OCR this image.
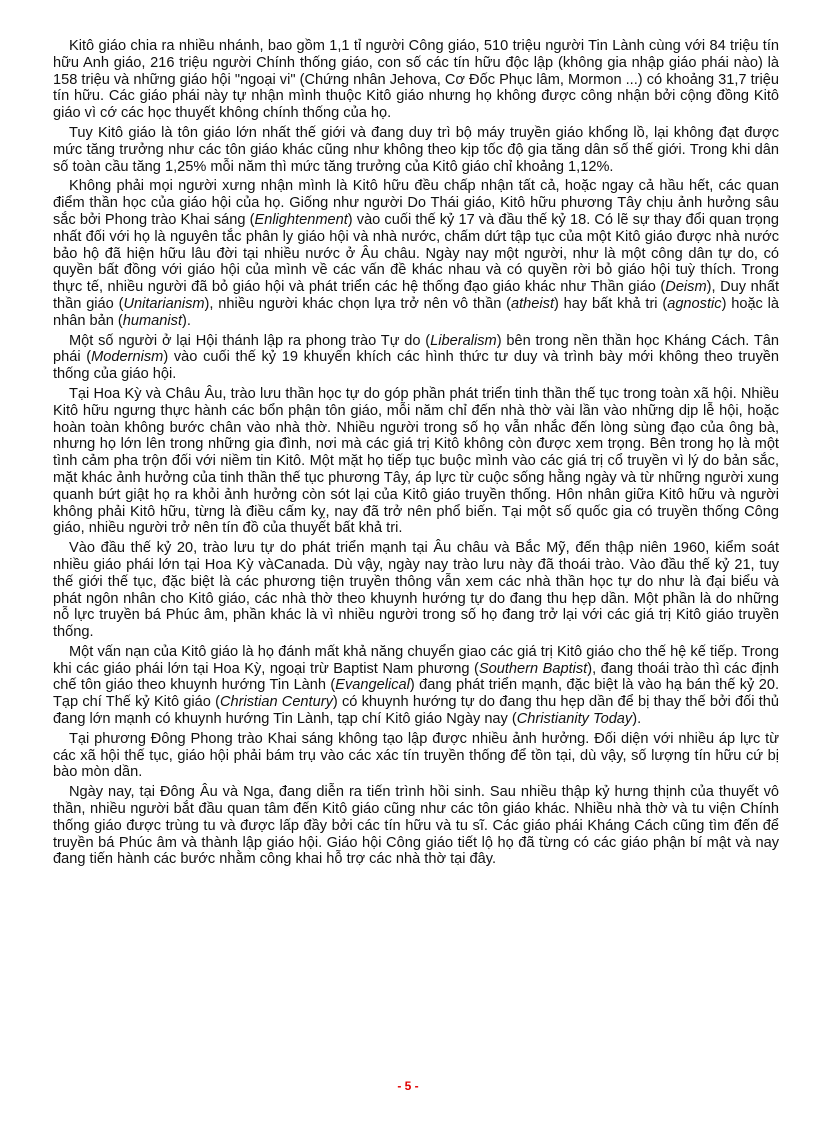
Kitô giáo chia ra nhiều nhánh, bao gồm 1,1 tỉ người Công giáo, 510 triệu người Tin Lành cùng với 84 triệu tín hữu Anh giáo, 216 triệu người Chính thống giáo, con số các tín hữu độc lập (không gia nhập giáo phái nào) là 158 triệu và những giáo hội "ngoại vi" (Chứng nhân Jehova, Cơ Đốc Phục lâm, Mormon ...) có khoảng 31,7 triệu tín hữu. Các giáo phái này tự nhận mình thuộc Kitô giáo nhưng họ không được công nhận bởi cộng đồng Kitô giáo vì cớ các học thuyết không chính thống của họ.

Tuy Kitô giáo là tôn giáo lớn nhất thế giới và đang duy trì bộ máy truyền giáo khổng lồ, lại không đạt được mức tăng trưởng như các tôn giáo khác cũng như không theo kịp tốc độ gia tăng dân số thế giới. Trong khi dân số toàn cầu tăng 1,25% mỗi năm thì mức tăng trưởng của Kitô giáo chỉ khoảng 1,12%.

Không phải mọi người xưng nhận mình là Kitô hữu đều chấp nhận tất cả, hoặc ngay cả hầu hết, các quan điểm thần học của giáo hội của họ. Giống như người Do Thái giáo, Kitô hữu phương Tây chịu ảnh hưởng sâu sắc bởi Phong trào Khai sáng (Enlightenment) vào cuối thế kỷ 17 và đầu thế kỷ 18. Có lẽ sự thay đổi quan trọng nhất đối với họ là nguyên tắc phân ly giáo hội và nhà nước, chấm dứt tập tục của một Kitô giáo được nhà nước bảo hộ đã hiện hữu lâu đời tại nhiều nước ở Âu châu. Ngày nay một người, như là một công dân tự do, có quyền bất đồng với giáo hội của mình về các vấn đề khác nhau và có quyền rời bỏ giáo hội tuỳ thích. Trong thực tế, nhiều người đã bỏ giáo hội và phát triển các hệ thống đạo giáo khác như Thần giáo (Deism), Duy nhất thần giáo (Unitarianism), nhiều người khác chọn lựa trở nên vô thần (atheist) hay bất khả tri (agnostic) hoặc là nhân bản (humanist).

Một số người ở lại Hội thánh lập ra phong trào Tự do (Liberalism) bên trong nền thần học Kháng Cách. Tân phái (Modernism) vào cuối thế kỷ 19 khuyến khích các hình thức tư duy và trình bày mới không theo truyền thống của giáo hội.

Tại Hoa Kỳ và Châu Âu, trào lưu thần học tự do góp phần phát triển tinh thần thế tục trong toàn xã hội. Nhiều Kitô hữu ngưng thực hành các bổn phận tôn giáo, mỗi năm chỉ đến nhà thờ vài lần vào những dịp lễ hội, hoặc hoàn toàn không bước chân vào nhà thờ. Nhiều người trong số họ vẫn nhắc đến lòng sùng đạo của ông bà, nhưng họ lớn lên trong những gia đình, nơi mà các giá trị Kitô không còn được xem trọng. Bên trong họ là một tình cảm pha trộn đối với niềm tin Kitô. Một mặt họ tiếp tục buộc mình vào các giá trị cổ truyền vì lý do bản sắc, mặt khác ảnh hưởng của tinh thần thế tục phương Tây, áp lực từ cuộc sống hằng ngày và từ những người xung quanh bứt giật họ ra khỏi ảnh hưởng còn sót lại của Kitô giáo truyền thống. Hôn nhân giữa Kitô hữu và người không phải Kitô hữu, từng là điều cấm kỵ, nay đã trở nên phổ biến. Tại một số quốc gia có truyền thống Công giáo, nhiều người trở nên tín đồ của thuyết bất khả tri.

Vào đầu thế kỷ 20, trào lưu tự do phát triển mạnh tại Âu châu và Bắc Mỹ, đến thập niên 1960, kiểm soát nhiều giáo phái lớn tại Hoa Kỳ vàCanada. Dù vậy, ngày nay trào lưu này đã thoái trào. Vào đầu thế kỷ 21, tuy thế giới thế tục, đặc biệt là các phương tiện truyền thông vẫn xem các nhà thần học tự do như là đại biểu và phát ngôn nhân cho Kitô giáo, các nhà thờ theo khuynh hướng tự do đang thu hẹp dần. Một phần là do những nỗ lực truyền bá Phúc âm, phần khác là vì nhiều người trong số họ đang trở lại với các giá trị Kitô giáo truyền thống.

Một vấn nạn của Kitô giáo là họ đánh mất khả năng chuyển giao các giá trị Kitô giáo cho thế hệ kế tiếp. Trong khi các giáo phái lớn tại Hoa Kỳ, ngoại trừ Baptist Nam phương (Southern Baptist), đang thoái trào thì các định chế tôn giáo theo khuynh hướng Tin Lành (Evangelical) đang phát triển mạnh, đặc biệt là vào hạ bán thế kỷ 20. Tạp chí Thế kỷ Kitô giáo (Christian Century) có khuynh hướng tự do đang thu hẹp dần để bị thay thế bởi đối thủ đang lớn mạnh có khuynh hướng Tin Lành, tạp chí Kitô giáo Ngày nay (Christianity Today).

Tại phương Đông Phong trào Khai sáng không tạo lập được nhiều ảnh hưởng. Đối diện với nhiều áp lực từ các xã hội thế tục, giáo hội phải bám trụ vào các xác tín truyền thống để tồn tại, dù vậy, số lượng tín hữu cứ bị bào mòn dần.

Ngày nay, tại Đông Âu và Nga, đang diễn ra tiến trình hồi sinh. Sau nhiều thập kỷ hưng thịnh của thuyết vô thần, nhiều người bắt đầu quan tâm đến Kitô giáo cũng như các tôn giáo khác. Nhiều nhà thờ và tu viện Chính thống giáo được trùng tu và được lấp đầy bởi các tín hữu và tu sĩ. Các giáo phái Kháng Cách cũng tìm đến để truyền bá Phúc âm và thành lập giáo hội. Giáo hội Công giáo tiết lộ họ đã từng có các giáo phận bí mật và nay đang tiến hành các bước nhằm công khai hỗ trợ các nhà thờ tại đây.

- 5 -
